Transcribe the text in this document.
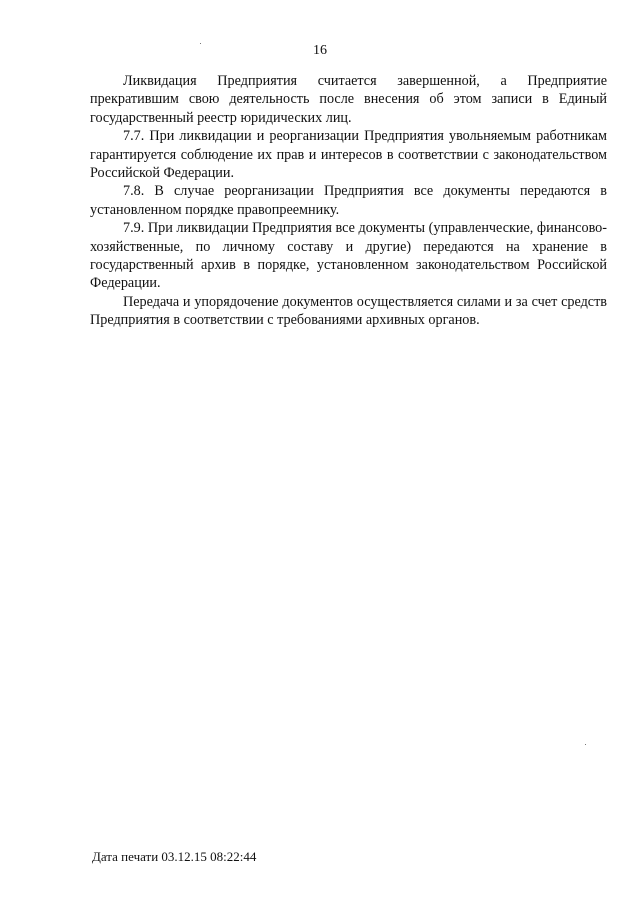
16

Ликвидация Предприятия считается завершенной, а Предприятие прекратившим свою деятельность после внесения об этом записи в Единый государственный реестр юридических лиц.

7.7. При ликвидации и реорганизации Предприятия увольняемым работникам гарантируется соблюдение их прав и интересов в соответствии с законодательством Российской Федерации.

7.8. В случае реорганизации Предприятия все документы передаются в установленном порядке правопреемнику.

7.9. При ликвидации Предприятия все документы (управленческие, финансово-хозяйственные, по личному составу и другие) передаются на хранение в государственный архив в порядке, установленном законодательством Российской Федерации.

Передача и упорядочение документов осуществляется силами и за счет средств Предприятия в соответствии с требованиями архивных органов.

Дата печати 03.12.15 08:22:44
